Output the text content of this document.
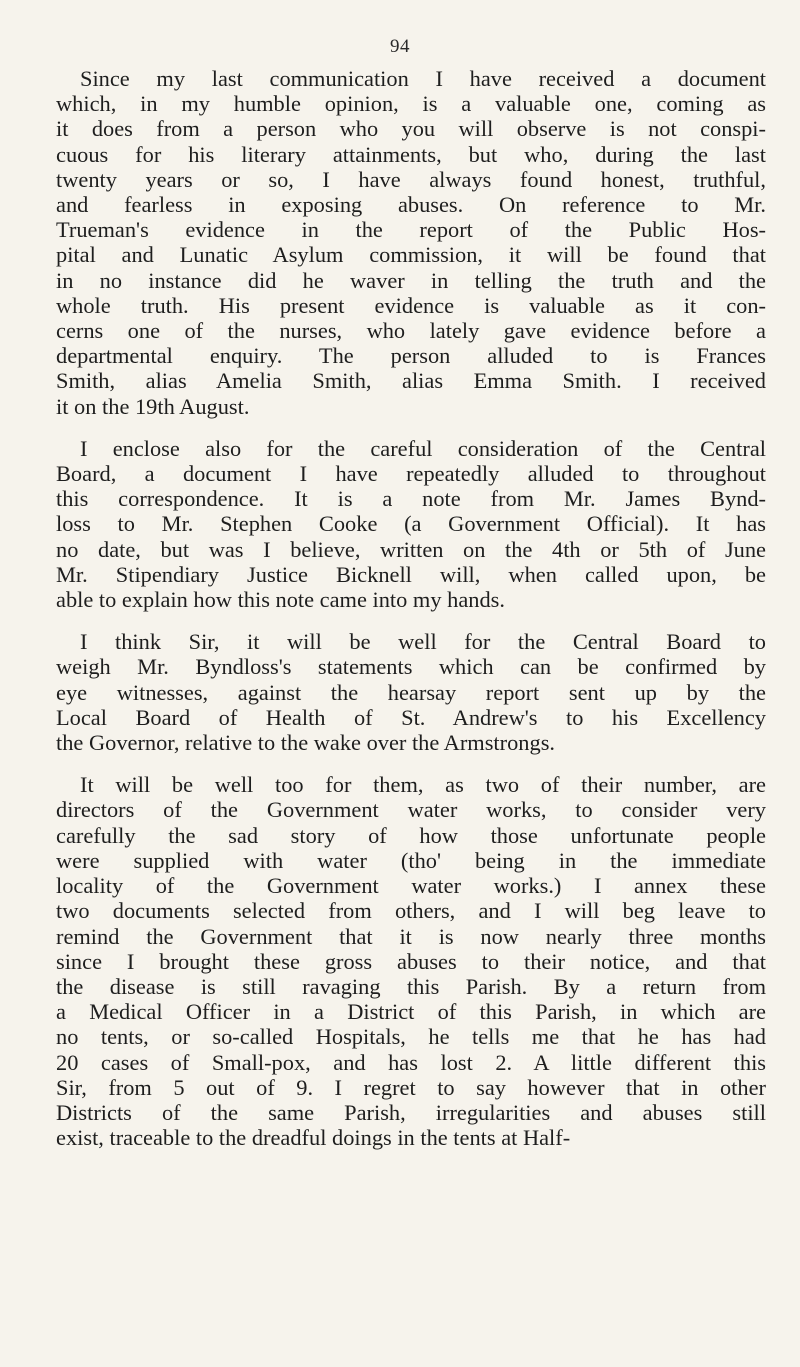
94
Since my last communication I have received a document
which, in my humble opinion, is a valuable one, coming as
it does from a person who you will observe is not conspi-
cuous for his literary attainments, but who, during the last
twenty years or so, I have always found honest, truthful,
and fearless in exposing abuses. On reference to Mr.
Trueman's evidence in the report of the Public Hos-
pital and Lunatic Asylum commission, it will be found that
in no instance did he waver in telling the truth and the
whole truth. His present evidence is valuable as it con-
cerns one of the nurses, who lately gave evidence before a
departmental enquiry. The person alluded to is Frances
Smith, alias Amelia Smith, alias Emma Smith. I received
it on the 19th August.
I enclose also for the careful consideration of the Central
Board, a document I have repeatedly alluded to throughout
this correspondence. It is a note from Mr. James Bynd-
loss to Mr. Stephen Cooke (a Government Official). It has
no date, but was I believe, written on the 4th or 5th of June
Mr. Stipendiary Justice Bicknell will, when called upon, be
able to explain how this note came into my hands.
I think Sir, it will be well for the Central Board to
weigh Mr. Byndloss's statements which can be confirmed by
eye witnesses, against the hearsay report sent up by the
Local Board of Health of St. Andrew's to his Excellency
the Governor, relative to the wake over the Armstrongs.
It will be well too for them, as two of their number, are
directors of the Government water works, to consider very
carefully the sad story of how those unfortunate people
were supplied with water (tho' being in the immediate
locality of the Government water works.) I annex these
two documents selected from others, and I will beg leave to
remind the Government that it is now nearly three months
since I brought these gross abuses to their notice, and that
the disease is still ravaging this Parish. By a return from
a Medical Officer in a District of this Parish, in which are
no tents, or so-called Hospitals, he tells me that he has had
20 cases of Small-pox, and has lost 2. A little different this
Sir, from 5 out of 9. I regret to say however that in other
Districts of the same Parish, irregularities and abuses still
exist, traceable to the dreadful doings in the tents at Half-
